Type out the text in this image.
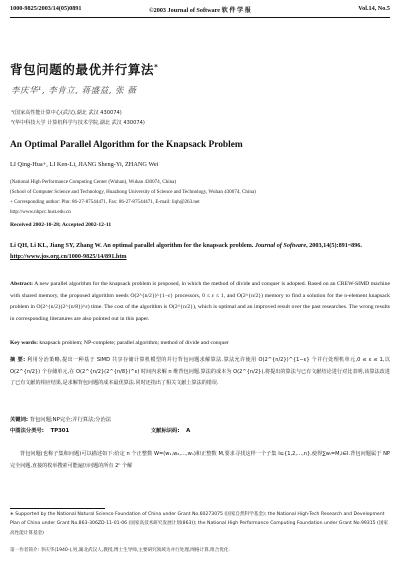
1000-9825/2003/14(05)0891	©2003 Journal of Software 软 件 学 报	Vol.14, No.5
背包问题的最优并行算法*
李庆华¹, 李肯立, 蒋盛益, 张 薇
¹(国家高性能计算中心(武汉),湖北 武汉 430074)
²(华中科技大学 计算机科学与技术学院,湖北 武汉 430074)
An Optimal Parallel Algorithm for the Knapsack Problem
LI Qing-Hua+, LI Ken-Li, JIANG Sheng-Yi, ZHANG Wei
(National High Performance Computing Center (Wuhan), Wuhan 430074, China)
(School of Computer Science and Technology, Huazhong University of Science and Technology, Wuhan 430074, China)
+ Corresponding author: Phn: 86-27-87544471, Fax: 86-27-87544471, E-mail: liqh@263.net
http://www.nhpcc.hust.edu.cn
Received 2002-10-28; Accepted 2002-12-11
Li QH, Li KL, Jiang SY, Zhang W. An optimal parallel algorithm for the knapsack problem. Journal of Software, 2003,14(5):891~896.
http://www.jos.org.cn/1000-9825/14/891.htm
Abstract: A new parallel algorithm for the knapsack problem is proposed, in which the method of divide and conquer is adopted. Based on an CREW-SIMD machine with shared memory, the proposed algorithm needs O(2^{n/2})^{1−ε} processors, 0 ≤ ε ≤ 1, and O(2^{n/2}) memory to find a solution for the n-element knapsack problem in O(2^{n/2}(2^{n/8})^ε) time. The cost of the algorithm is O(2^{n/2}), which is optimal and an improved result over the past researches. The wrong results in corresponding literatures are also pointed out in this paper.
Key words: knapsack problem; NP-complete; parallel algorithm; method of divide and conquer
摘 要: 利用分治策略,提出一种基于 SIMD 共享存储计算机模型的并行背包问题求解算法.算法允许使用 O(2^{n/2})^{1−ε} 个并行处理机单元,0 ≤ ε ≤ 1,以 O(2^{n/2}) 个存储单元,在 O(2^{n/2}(2^{n/8})^ε) 时间内求解 n 维背包问题.算法的成本为 O(2^{n/2}),将提出的算法与已有文献结论进行对比表明,该算法改进了已有文献的相应结果,是求解背包问题的成本最优算法.同时还指出了相关文献上算法的错误.
关键词: 背包问题;NP完全;并行算法;分治法
中图法分类号: TP301	文献标识码: A
背包问题(也称子集和问题)可以描述如下:给定 n 个正整数 W=(w₁,w₂,…,wₙ)和正整数 M,要求寻找这样一个子集 I⊆{1,2,…,n},使得∑wᵢ=M,i∈I.背包问题属于 NP 完全问题,直接的枚举搜索可能遍历问题的所有 2ⁿ 个解
∗ Supported by the National Natural Science Foundation of China under Grant No.60273075 (国家自然科学基金); the National High-Tech Research and Development Plan of China under Grant No.863-306ZD-11-01-06 (国家高技术研究发展计划(863)); the National High Performance Computing Foundation under Grant No.99315 (国家高性能计算基金)
第一作者简介: 李庆华(1940-),男,湖北武汉人,教授,博士生导师,主要研究领域为并行处理,网格计算,组合优化.
